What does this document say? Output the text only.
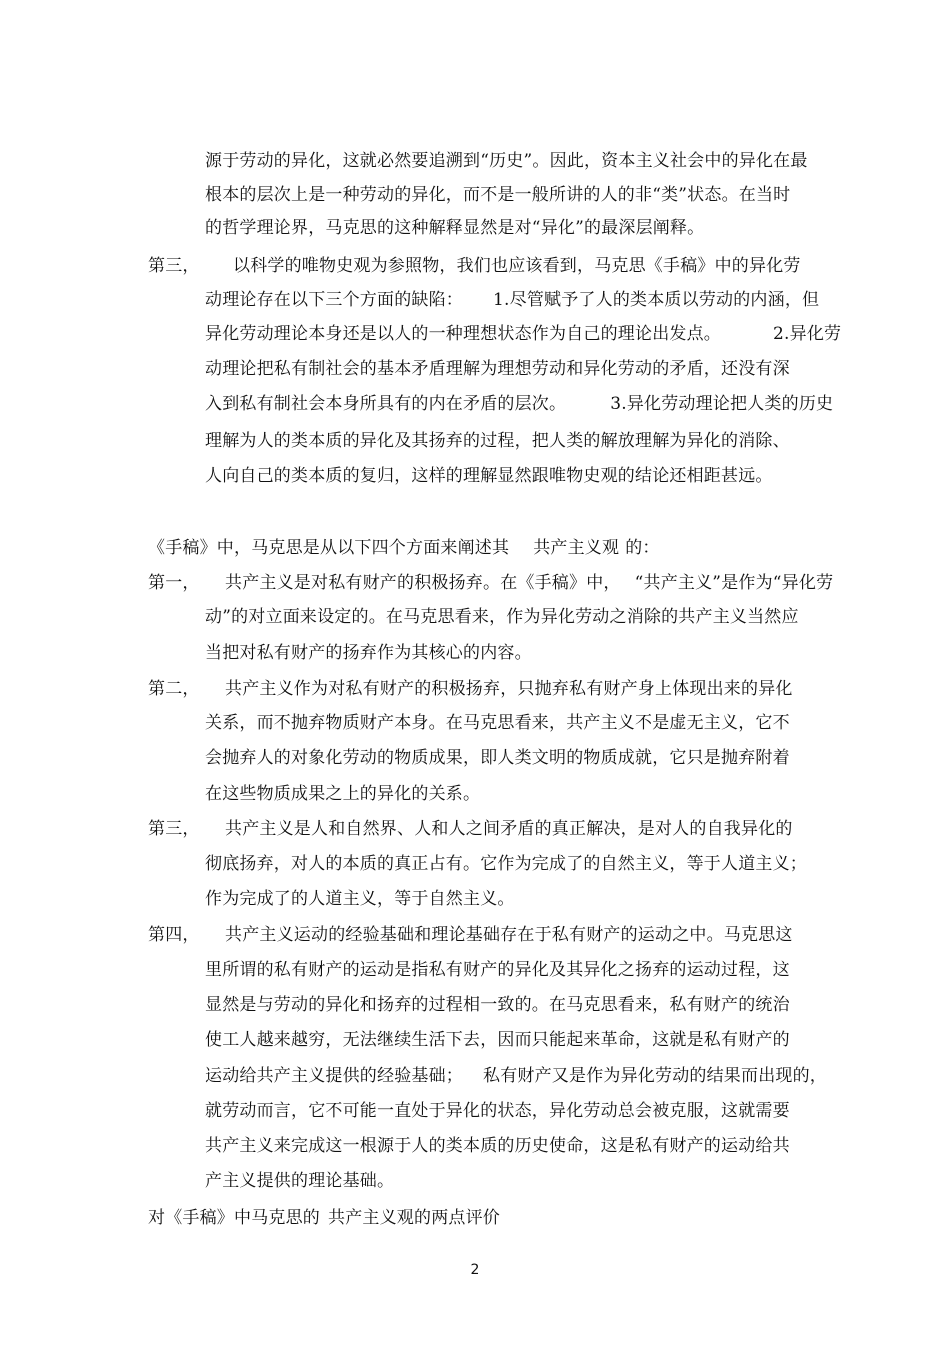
源于劳动的异化，这就必然要追溯到“历史”。因此，资本主义社会中的异化在最
根本的层次上是一种劳动的异化，而不是一般所讲的人的非“类”状态。在当时
的哲学理论界，马克思的这种解释显然是对“异化”的最深层阐释。
第三， 以科学的唯物史观为参照物，我们也应该看到，马克思《手稿》中的异化劳
动理论存在以下三个方面的缺陷： 1.尽管赋予了人的类本质以劳动的内涵，但
异化劳动理论本身还是以人的一种理想状态作为自己的理论出发点。	2.异化劳
动理论把私有制社会的基本矛盾理解为理想劳动和异化劳动的矛盾，还没有深
入到私有制社会本身所具有的内在矛盾的层次。	3.异化劳动理论把人类的历史
理解为人的类本质的异化及其扬弃的过程，把人类的解放理解为异化的消除、
人向自己的类本质的复归，这样的理解显然跟唯物史观的结论还相距甚远。
《手稿》中，马克思是从以下四个方面来阐述其 共产主义观 的：
第一， 共产主义是对私有财产的积极扬弃。在《手稿》中， “共产主义”是作为“异化劳
动”的对立面来设定的。在马克思看来，作为异化劳动之消除的共产主义当然应
当把对私有财产的扬弃作为其核心的内容。
第二， 共产主义作为对私有财产的积极扬弃，只抛弃私有财产身上体现出来的异化
关系，而不抛弃物质财产本身。在马克思看来，共产主义不是虚无主义，它不
会抛弃人的对象化劳动的物质成果，即人类文明的物质成就，它只是抛弃附着
在这些物质成果之上的异化的关系。
第三， 共产主义是人和自然界、人和人之间矛盾的真正解决，是对人的自我异化的
彻底扬弃，对人的本质的真正占有。它作为完成了的自然主义，等于人道主义；
作为完成了的人道主义，等于自然主义。
第四， 共产主义运动的经验基础和理论基础存在于私有财产的运动之中。马克思这
里所谓的私有财产的运动是指私有财产的异化及其异化之扬弃的运动过程，这
显然是与劳动的异化和扬弃的过程相一致的。在马克思看来，私有财产的统治
使工人越来越穷，无法继续生活下去，因而只能起来革命，这就是私有财产的
运动给共产主义提供的经验基础； 私有财产又是作为异化劳动的结果而出现的，
就劳动而言，它不可能一直处于异化的状态，异化劳动总会被克服，这就需要
共产主义来完成这一根源于人的类本质的历史使命，这是私有财产的运动给共
产主义提供的理论基础。
对《手稿》中马克思的 共产主义观的两点评价
2
